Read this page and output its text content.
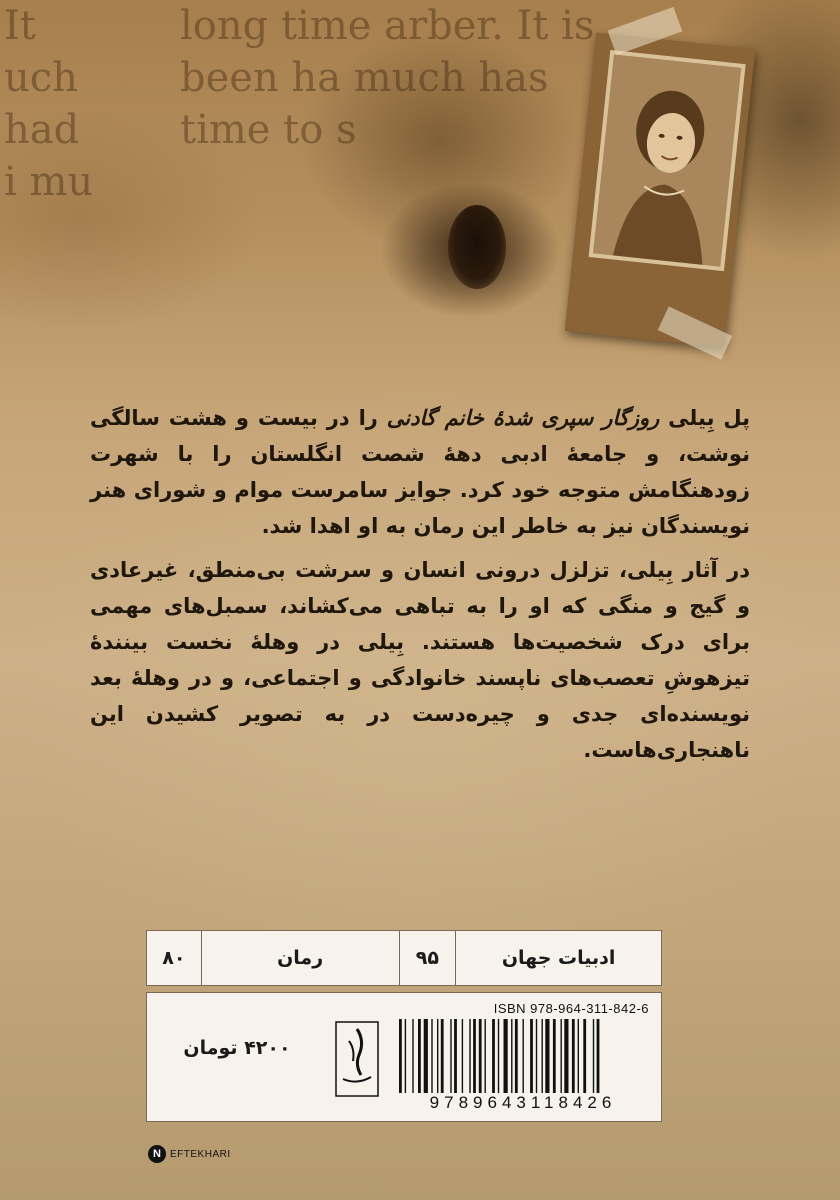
It
uch
had
i mu
long time arber. It is
been ha much has
time to s

پل بِیلی روزگار سپری شدهٔ خانم گادنی را در بیست و هشت سالگی نوشت، و جامعهٔ ادبی دههٔ شصت انگلستان را با شهرت زودهنگامش متوجه خود کرد. جوایز سامرست موام و شورای هنر نویسندگان نیز به خاطر این رمان به او اهدا شد.

در آثار بِیلی، تزلزل درونی انسان و سرشت بی‌منطق، غیرعادی و گیج و منگی که او را به تباهی می‌کشاند، سمبل‌های مهمی برای درک شخصیت‌ها هستند. بِیلی در وهلهٔ نخست بینندهٔ تیزهوشِ تعصب‌های ناپسند خانوادگی و اجتماعی، و در وهلهٔ بعد نویسنده‌ای جدی و چیره‌دست در به تصویر کشیدن این ناهنجاری‌هاست.

ادبیات جهان
۹۵
رمان
۸۰
۴۲۰۰ تومان
ISBN 978-964-311-842-6
9789643118426
N EFTEKHARI
